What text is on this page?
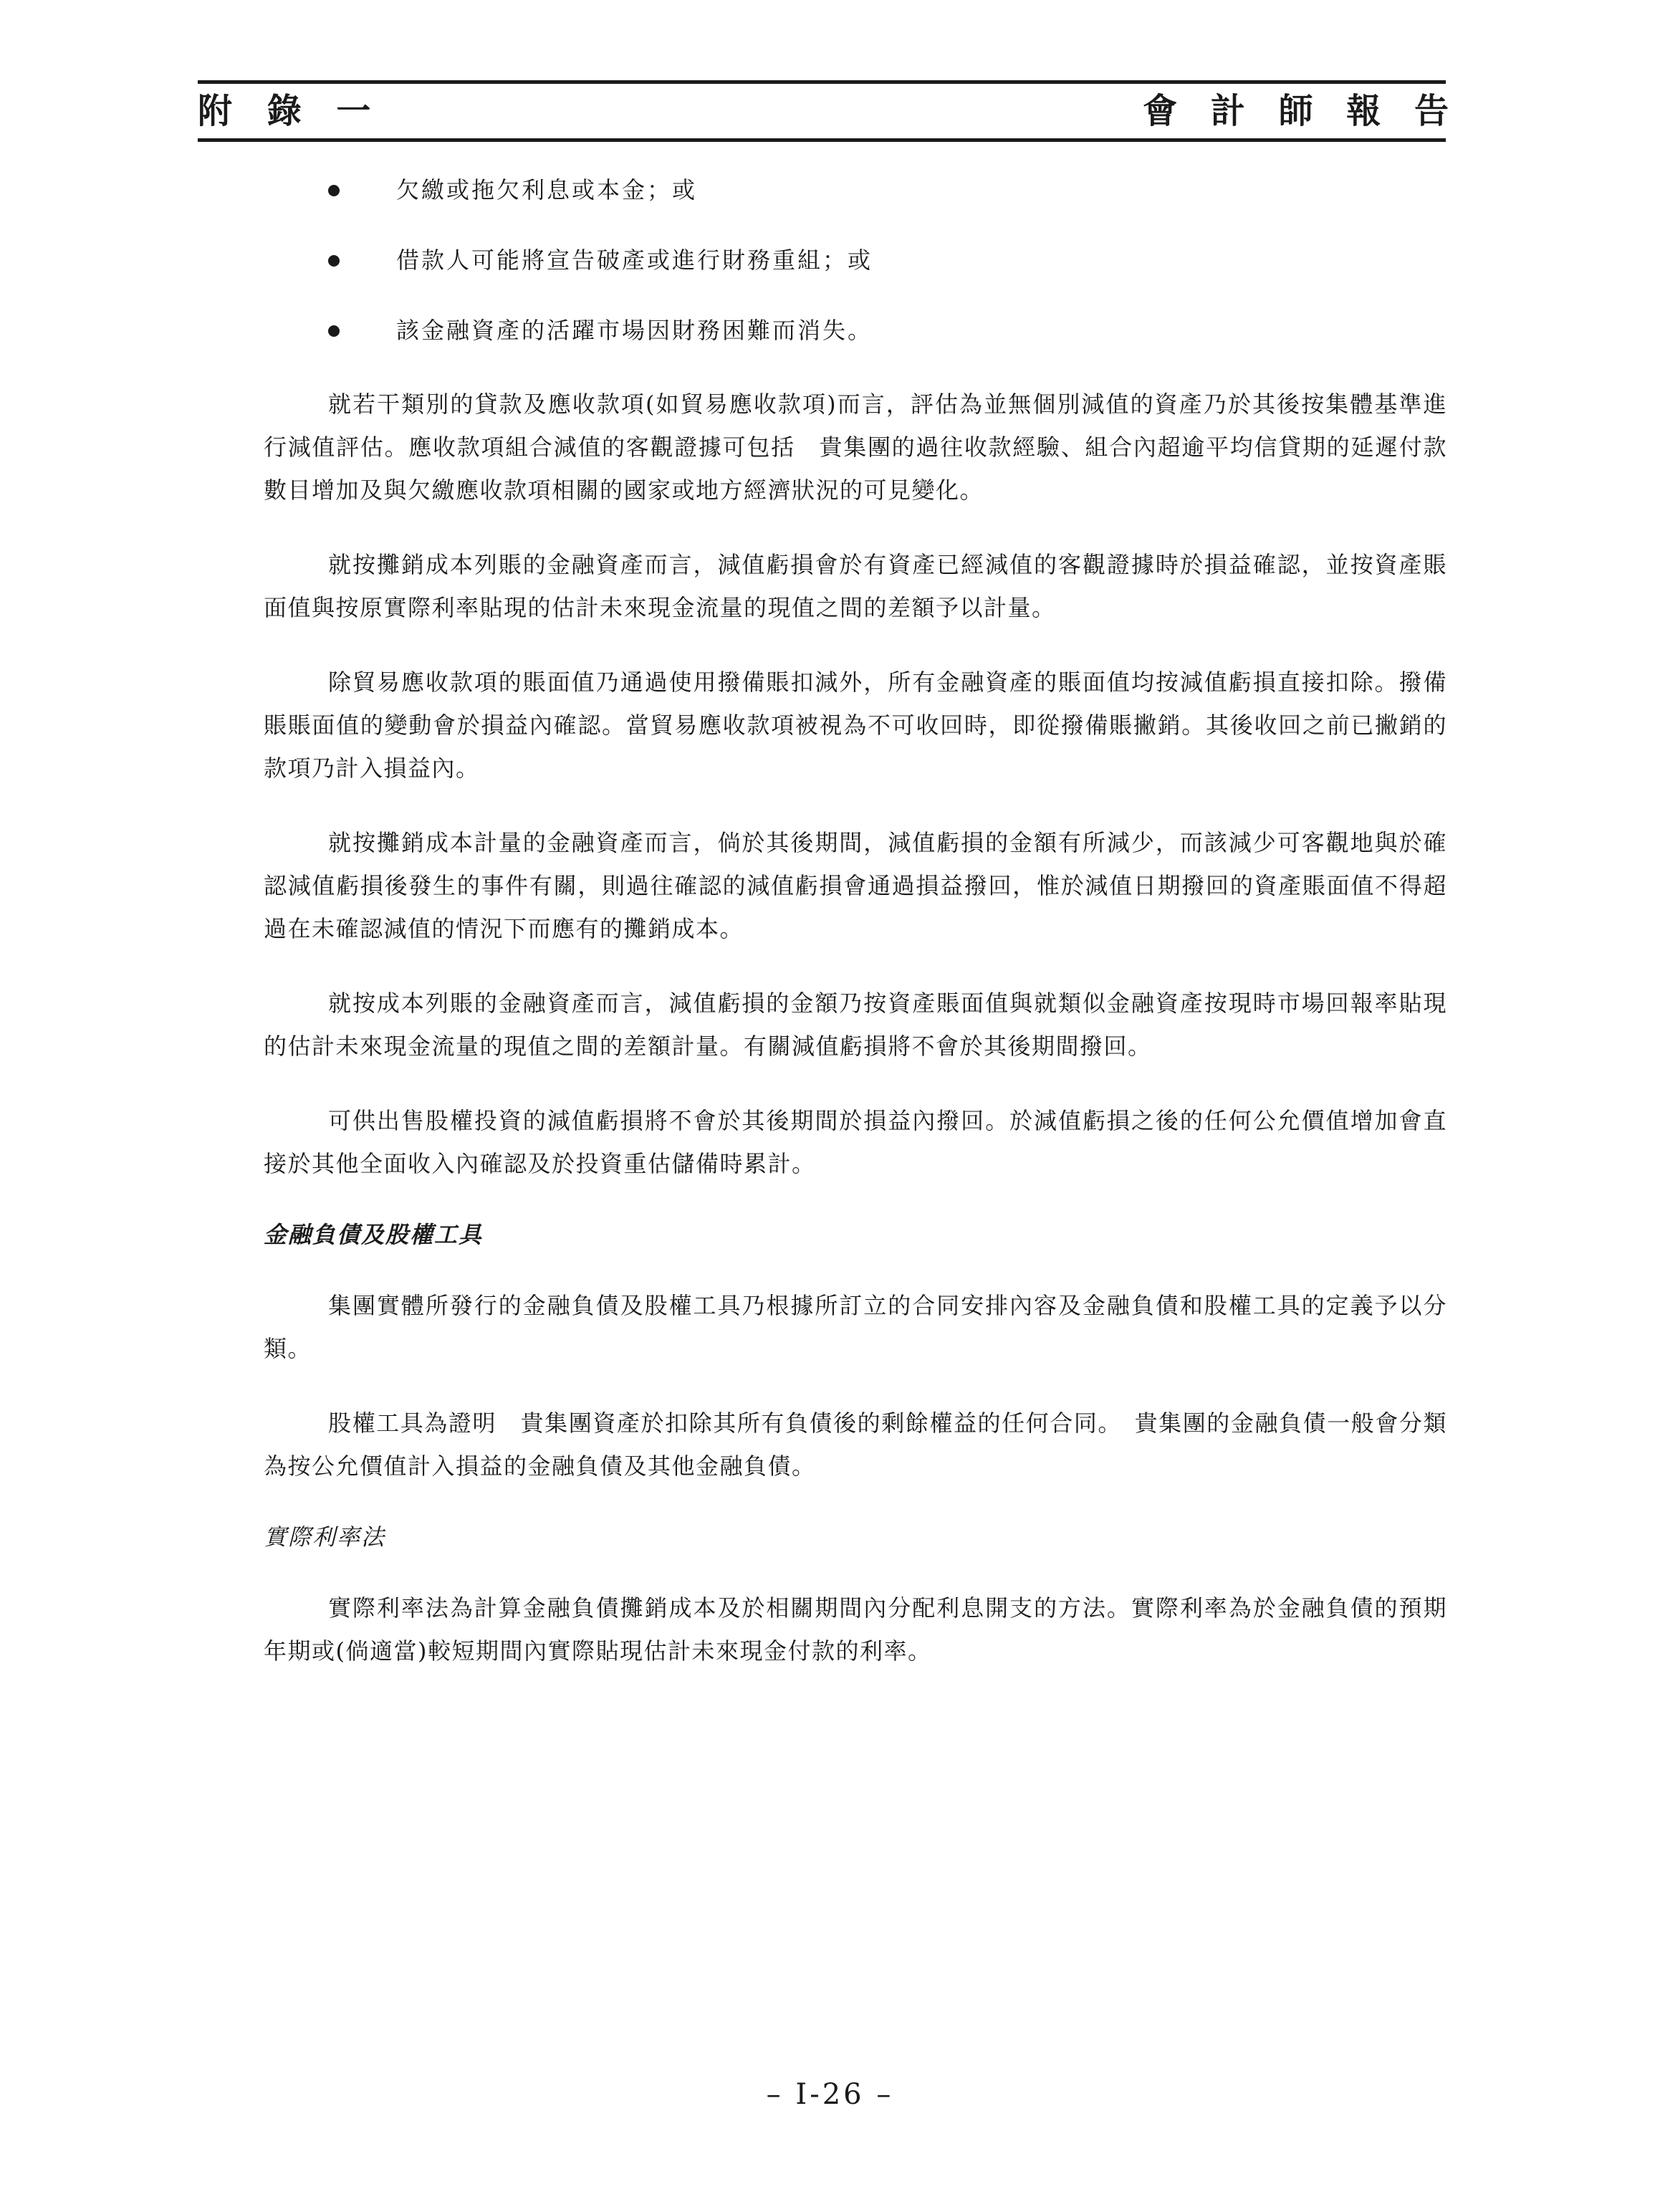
附 錄 一	會 計 師 報 告
欠繳或拖欠利息或本金；或
借款人可能將宣告破產或進行財務重組；或
該金融資產的活躍市場因財務困難而消失。

就若干類別的貸款及應收款項(如貿易應收款項)而言，評估為並無個別減值的資產乃於其後按集體基準進行減值評估。應收款項組合減值的客觀證據可包括　貴集團的過往收款經驗、組合內超逾平均信貸期的延遲付款數目增加及與欠繳應收款項相關的國家或地方經濟狀況的可見變化。

就按攤銷成本列賬的金融資產而言，減值虧損會於有資產已經減值的客觀證據時於損益確認，並按資產賬面值與按原實際利率貼現的估計未來現金流量的現值之間的差額予以計量。

除貿易應收款項的賬面值乃通過使用撥備賬扣減外，所有金融資產的賬面值均按減值虧損直接扣除。撥備賬賬面值的變動會於損益內確認。當貿易應收款項被視為不可收回時，即從撥備賬撇銷。其後收回之前已撇銷的款項乃計入損益內。

就按攤銷成本計量的金融資產而言，倘於其後期間，減值虧損的金額有所減少，而該減少可客觀地與於確認減值虧損後發生的事件有關，則過往確認的減值虧損會通過損益撥回，惟於減值日期撥回的資產賬面值不得超過在未確認減值的情況下而應有的攤銷成本。

就按成本列賬的金融資產而言，減值虧損的金額乃按資產賬面值與就類似金融資產按現時市場回報率貼現的估計未來現金流量的現值之間的差額計量。有關減值虧損將不會於其後期間撥回。

可供出售股權投資的減值虧損將不會於其後期間於損益內撥回。於減值虧損之後的任何公允價值增加會直接於其他全面收入內確認及於投資重估儲備時累計。

金融負債及股權工具

集團實體所發行的金融負債及股權工具乃根據所訂立的合同安排內容及金融負債和股權工具的定義予以分類。

股權工具為證明　貴集團資產於扣除其所有負債後的剩餘權益的任何合同。　貴集團的金融負債一般會分類為按公允價值計入損益的金融負債及其他金融負債。

實際利率法

實際利率法為計算金融負債攤銷成本及於相關期間內分配利息開支的方法。實際利率為於金融負債的預期年期或(倘適當)較短期間內實際貼現估計未來現金付款的利率。

– I-26 –
